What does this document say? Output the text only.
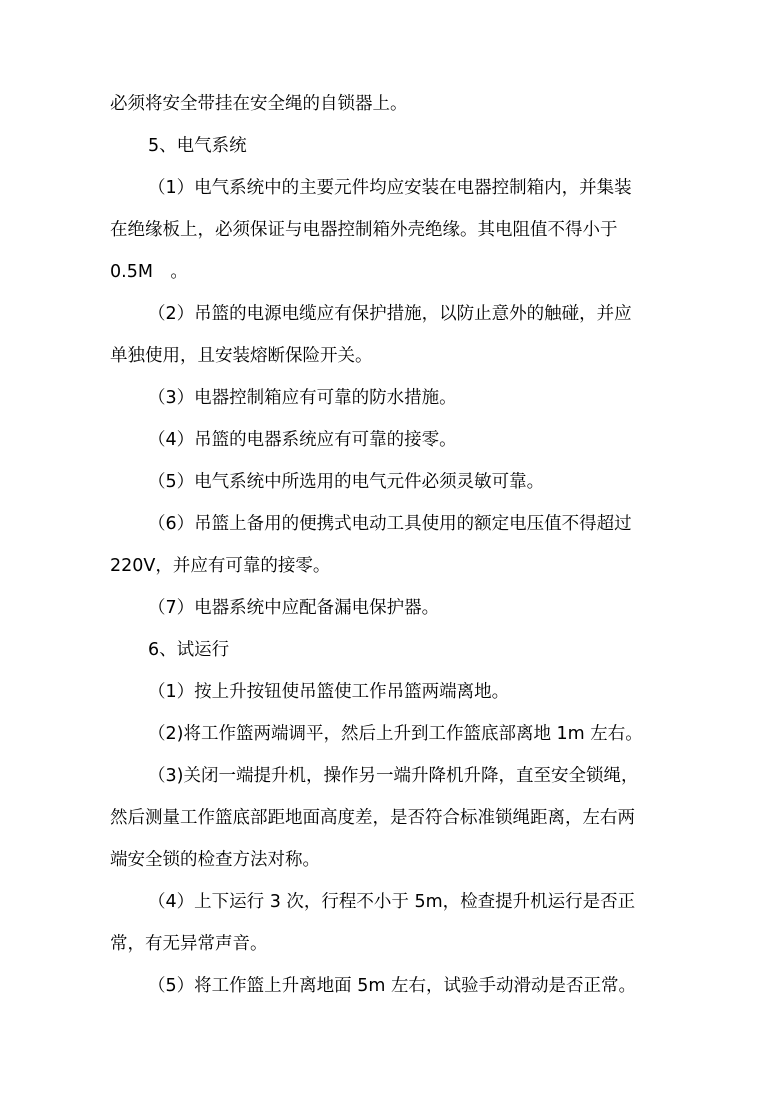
必须将安全带挂在安全绳的自锁器上。
5、电气系统
（1）电气系统中的主要元件均应安装在电器控制箱内，并集装
在绝缘板上，必须保证与电器控制箱外壳绝缘。其电阻值不得小于
0.5M　。
（2）吊篮的电源电缆应有保护措施，以防止意外的触碰，并应
单独使用，且安装熔断保险开关。
（3）电器控制箱应有可靠的防水措施。
（4）吊篮的电器系统应有可靠的接零。
（5）电气系统中所选用的电气元件必须灵敏可靠。
（6）吊篮上备用的便携式电动工具使用的额定电压值不得超过
220V，并应有可靠的接零。
（7）电器系统中应配备漏电保护器。
6、试运行
（1）按上升按钮使吊篮使工作吊篮两端离地。
（2)将工作篮两端调平，然后上升到工作篮底部离地 1m 左右。
（3)关闭一端提升机，操作另一端升降机升降，直至安全锁绳，
然后测量工作篮底部距地面高度差，是否符合标准锁绳距离，左右两
端安全锁的检查方法对称。
（4）上下运行 3 次，行程不小于 5m，检查提升机运行是否正
常，有无异常声音。
（5）将工作篮上升离地面 5m 左右，试验手动滑动是否正常。
